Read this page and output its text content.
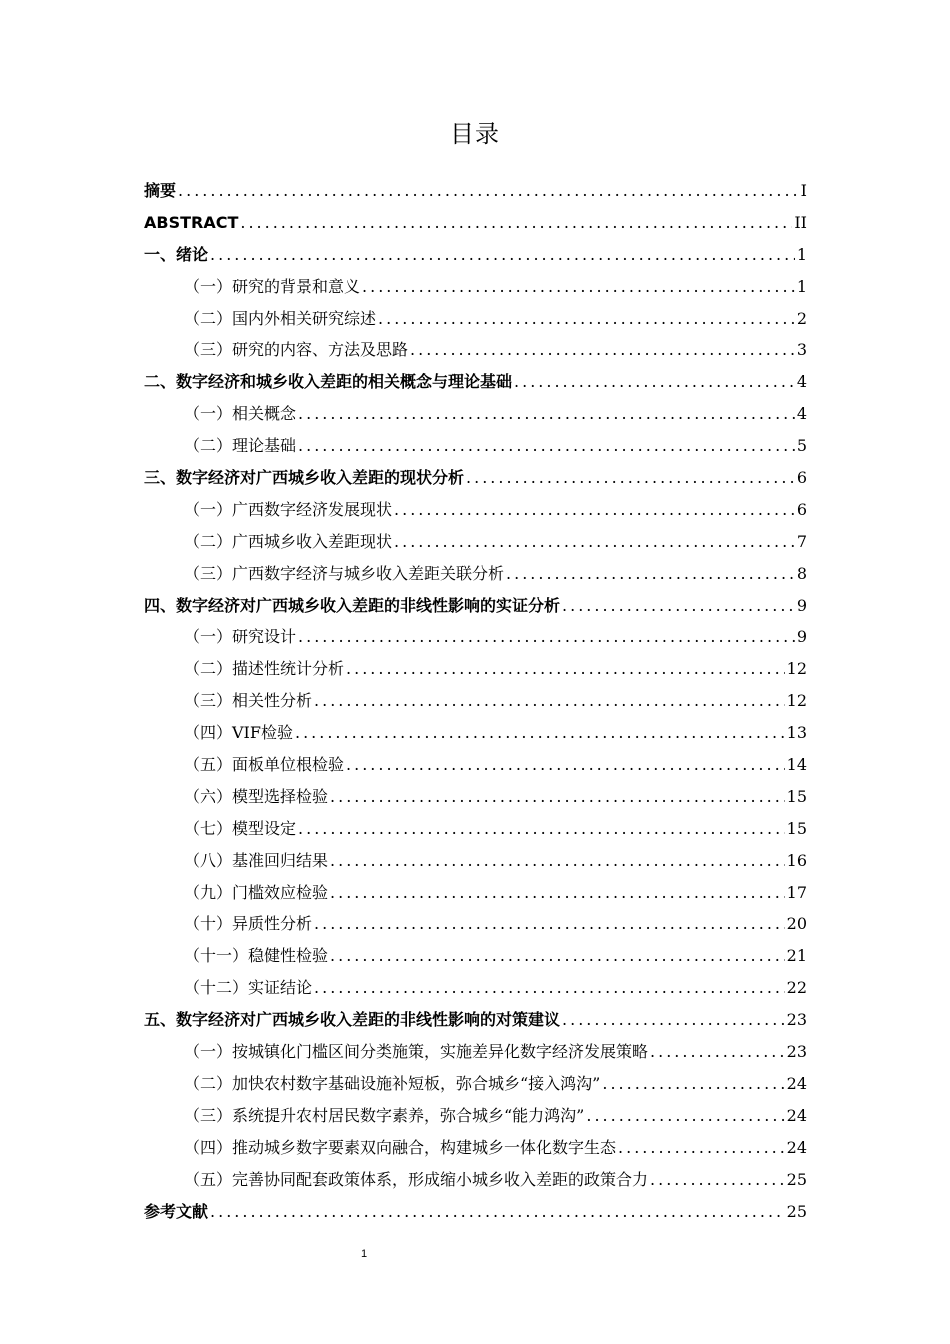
目录
摘要 .....	I
ABSTRACT .....	II
一、绪论 .....	1
（一）研究的背景和意义 .....	1
（二）国内外相关研究综述 .....	2
（三）研究的内容、方法及思路 .....	3
二、数字经济和城乡收入差距的相关概念与理论基础 .....	4
（一）相关概念 .....	4
（二）理论基础 .....	5
三、数字经济对广西城乡收入差距的现状分析 .....	6
（一）广西数字经济发展现状 .....	6
（二）广西城乡收入差距现状 .....	7
（三）广西数字经济与城乡收入差距关联分析 .....	8
四、数字经济对广西城乡收入差距的非线性影响的实证分析 .....	9
（一）研究设计 .....	9
（二）描述性统计分析 .....	12
（三）相关性分析 .....	12
（四）VIF检验 .....	13
（五）面板单位根检验 .....	14
（六）模型选择检验 .....	15
（七）模型设定 .....	15
（八）基准回归结果 .....	16
（九）门槛效应检验 .....	17
（十）异质性分析 .....	20
（十一）稳健性检验 .....	21
（十二）实证结论 .....	22
五、数字经济对广西城乡收入差距的非线性影响的对策建议 .....	23
（一）按城镇化门槛区间分类施策，实施差异化数字经济发展策略 .....	23
（二）加快农村数字基础设施补短板，弥合城乡“接入鸿沟” .....	24
（三）系统提升农村居民数字素养，弥合城乡“能力鸿沟” .....	24
（四）推动城乡数字要素双向融合，构建城乡一体化数字生态 .....	24
（五）完善协同配套政策体系，形成缩小城乡收入差距的政策合力 .....	25
参考文献 .....	25
1
